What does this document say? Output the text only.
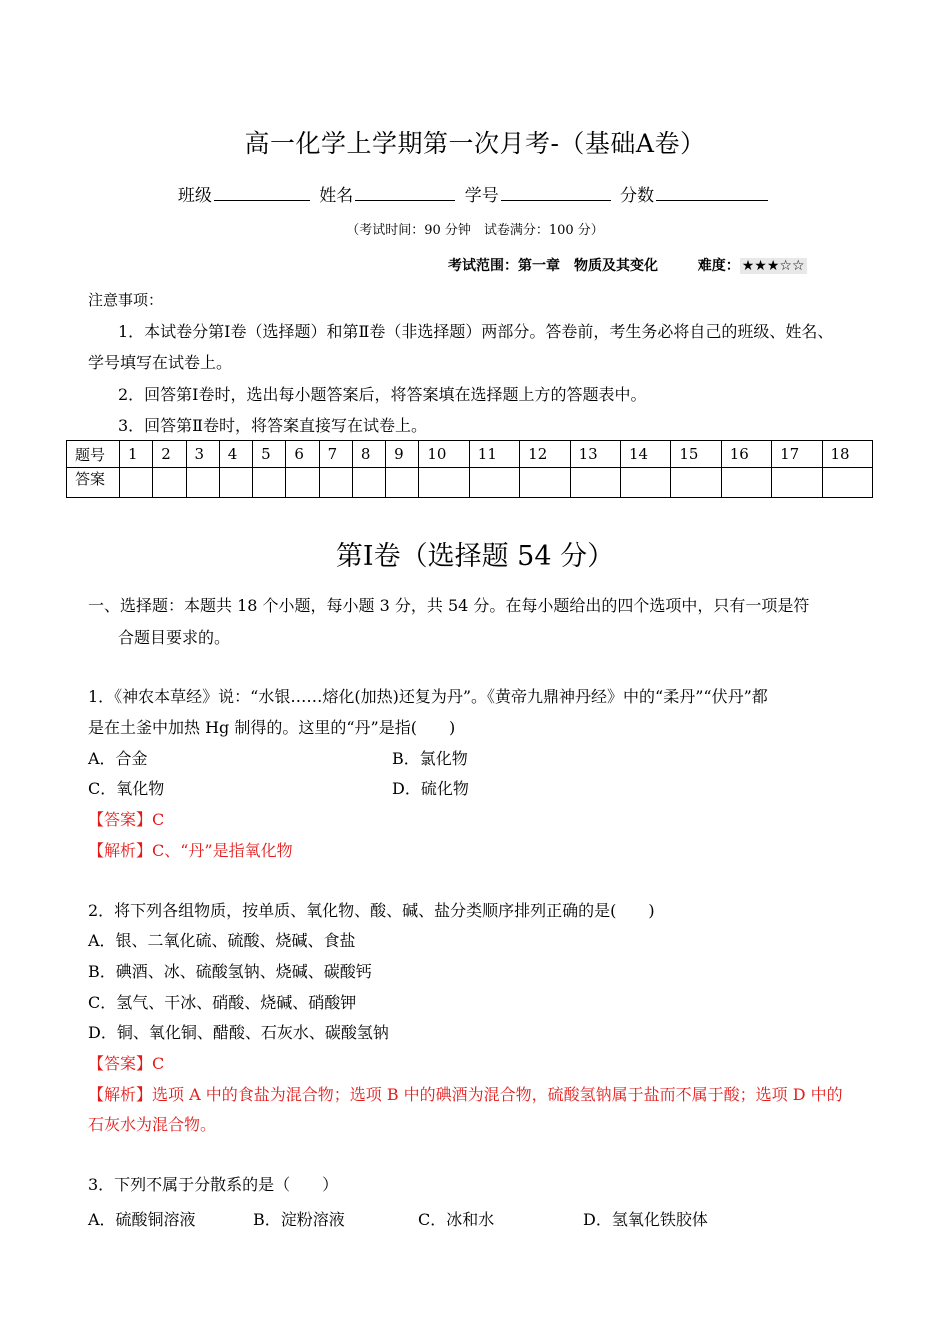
高一化学上学期第一次月考-（基础A卷）
班级	姓名	学号	分数
（考试时间：90 分钟　试卷满分：100 分）
考试范围：第一章　物质及其变化	难度： ★★★☆☆
注意事项：
1．本试卷分第Ⅰ卷（选择题）和第Ⅱ卷（非选择题）两部分。答卷前，考生务必将自己的班级、姓名、
学号填写在试卷上。
2．回答第Ⅰ卷时，选出每小题答案后，将答案填在选择题上方的答题表中。
3．回答第Ⅱ卷时，将答案直接写在试卷上。
题号	1	2	3	4	5	6	7	8	9	10	11	12	13	14	15	16	17	18
答案																		
第Ⅰ卷（选择题 54 分）
一、选择题：本题共 18 个小题，每小题 3 分，共 54 分。在每小题给出的四个选项中，只有一项是符
合题目要求的。
1．《神农本草经》说：“水银……熔化(加热)还复为丹”。《黄帝九鼎神丹经》中的“柔丹”“伏丹”都
是在土釜中加热 Hg 制得的。这里的“丹”是指(　　)
A．合金	B．氯化物
C．氧化物	D．硫化物
【答案】C
【解析】C、“丹”是指氧化物
2．将下列各组物质，按单质、氧化物、酸、碱、盐分类顺序排列正确的是(　　)
A．银、二氧化硫、硫酸、烧碱、食盐
B．碘酒、冰、硫酸氢钠、烧碱、碳酸钙
C．氢气、干冰、硝酸、烧碱、硝酸钾
D．铜、氧化铜、醋酸、石灰水、碳酸氢钠
【答案】C
【解析】选项 A 中的食盐为混合物；选项 B 中的碘酒为混合物，硫酸氢钠属于盐而不属于酸；选项 D 中的
石灰水为混合物。
3．下列不属于分散系的是（　　）
A．硫酸铜溶液	B．淀粉溶液	C．冰和水	D．氢氧化铁胶体
